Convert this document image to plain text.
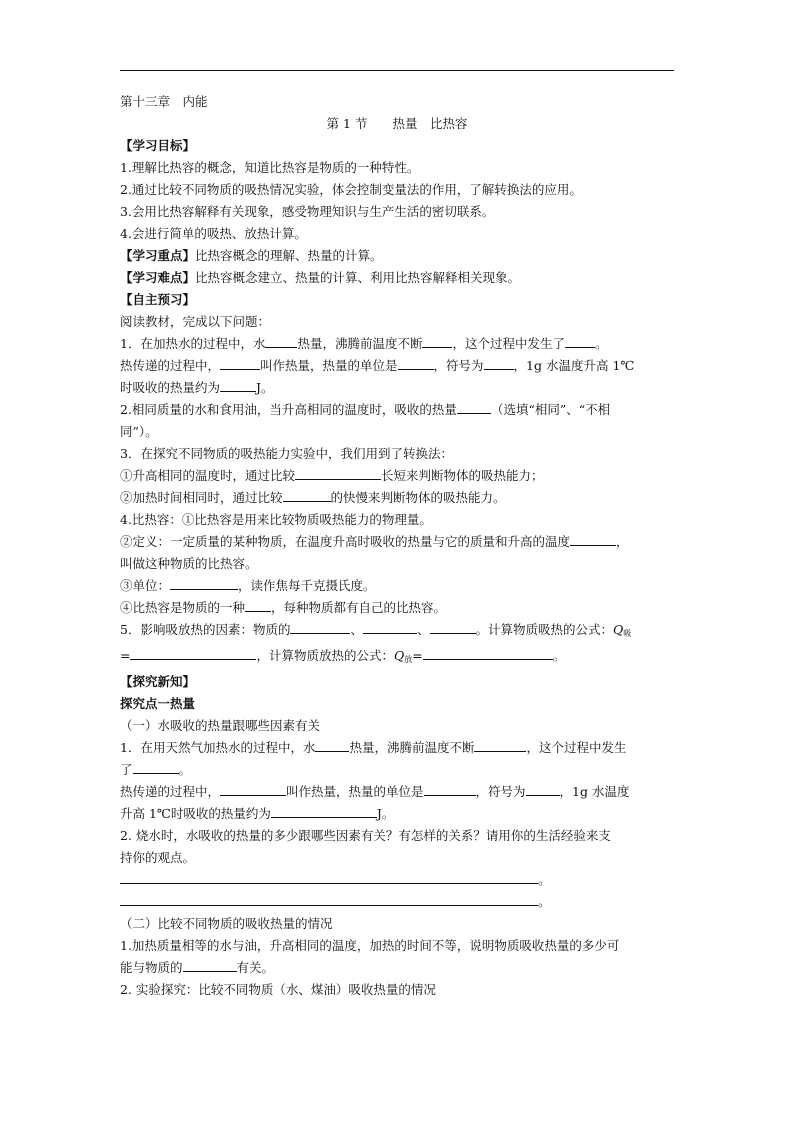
第十三章　内能
第 1 节　　热量　比热容
【学习目标】
1.理解比热容的概念，知道比热容是物质的一种特性。
2.通过比较不同物质的吸热情况实验，体会控制变量法的作用，了解转换法的应用。
3.会用比热容解释有关现象，感受物理知识与生产生活的密切联系。
4.会进行简单的吸热、放热计算。
【学习重点】比热容概念的理解、热量的计算。
【学习难点】比热容概念建立、热量的计算、利用比热容解释相关现象。
【自主预习】
阅读教材，完成以下问题：
1．在加热水的过程中，水	热量，沸腾前温度不断 ，这个过程中发生了 。
热传递的过程中，	叫作热量，热量的单位是	，符号为 ，1g 水温度升高 1℃
时吸收的热量约为	J。
2.相同质量的水和食用油，当升高相同的温度时，吸收的热量	（选填“相同”、“不相
同”）。
3．在探究不同物质的吸热能力实验中，我们用到了转换法：
①升高相同的温度时，通过比较	长短来判断物体的吸热能力；
②加热时间相同时，通过比较	的快慢来判断物体的吸热能力。
4.比热容：①比热容是用来比较物质吸热能力的物理量。
②定义：一定质量的某种物质，在温度升高时吸收的热量与它的质量和升高的温度	，
叫做这种物质的比热容。
③单位：	，读作焦每千克摄氏度。
④比热容是物质的一种 ，每种物质都有自己的比热容。
5．影响吸放热的因素：物质的	、	、	。计算物质吸热的公式：$Q_吸$
=	，计算物质放热的公式：$Q_放=$	。
【探究新知】
探究点一热量
（一）水吸收的热量跟哪些因素有关
1．在用天然气加热水的过程中，水	热量，沸腾前温度不断	，这个过程中发生
了	。
热传递的过程中，	叫作热量，热量的单位是	，符号为	，1g 水温度
升高 1℃时吸收的热量约为	J。
2. 烧水时，水吸收的热量的多少跟哪些因素有关？有怎样的关系？请用你的生活经验来支
持你的观点。
。
。
（二）比较不同物质的吸收热量的情况
1.加热质量相等的水与油，升高相同的温度，加热的时间不等，说明物质吸收热量的多少可
能与物质的	有关。
2. 实验探究：比较不同物质（水、煤油）吸收热量的情况
